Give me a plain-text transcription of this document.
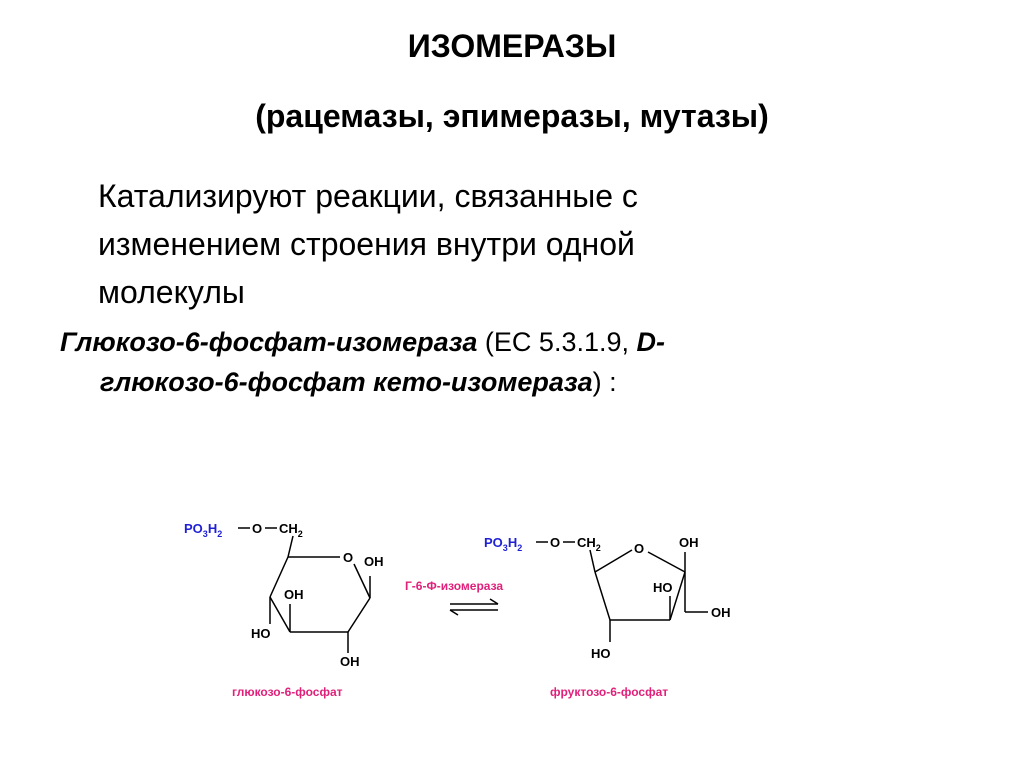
ИЗОМЕРАЗЫ
(рацемазы, эпимеразы, мутазы)
Катализируют реакции, связанные с
изменением строения внутри одной
молекулы
Глюкозо-6-фосфат-изомераза (ЕС 5.3.1.9, D-
глюкозо-6-фосфат кето-изомераза) :
$PO_3H_2$ O $CH_2$
O OH
OH
HO
OH
Г-6-Ф-изомераза
$PO_3H_2$ O $CH_2$	O	OH
OH
HO
HO
глюкозо-6-фосфат	фруктозо-6-фосфат
